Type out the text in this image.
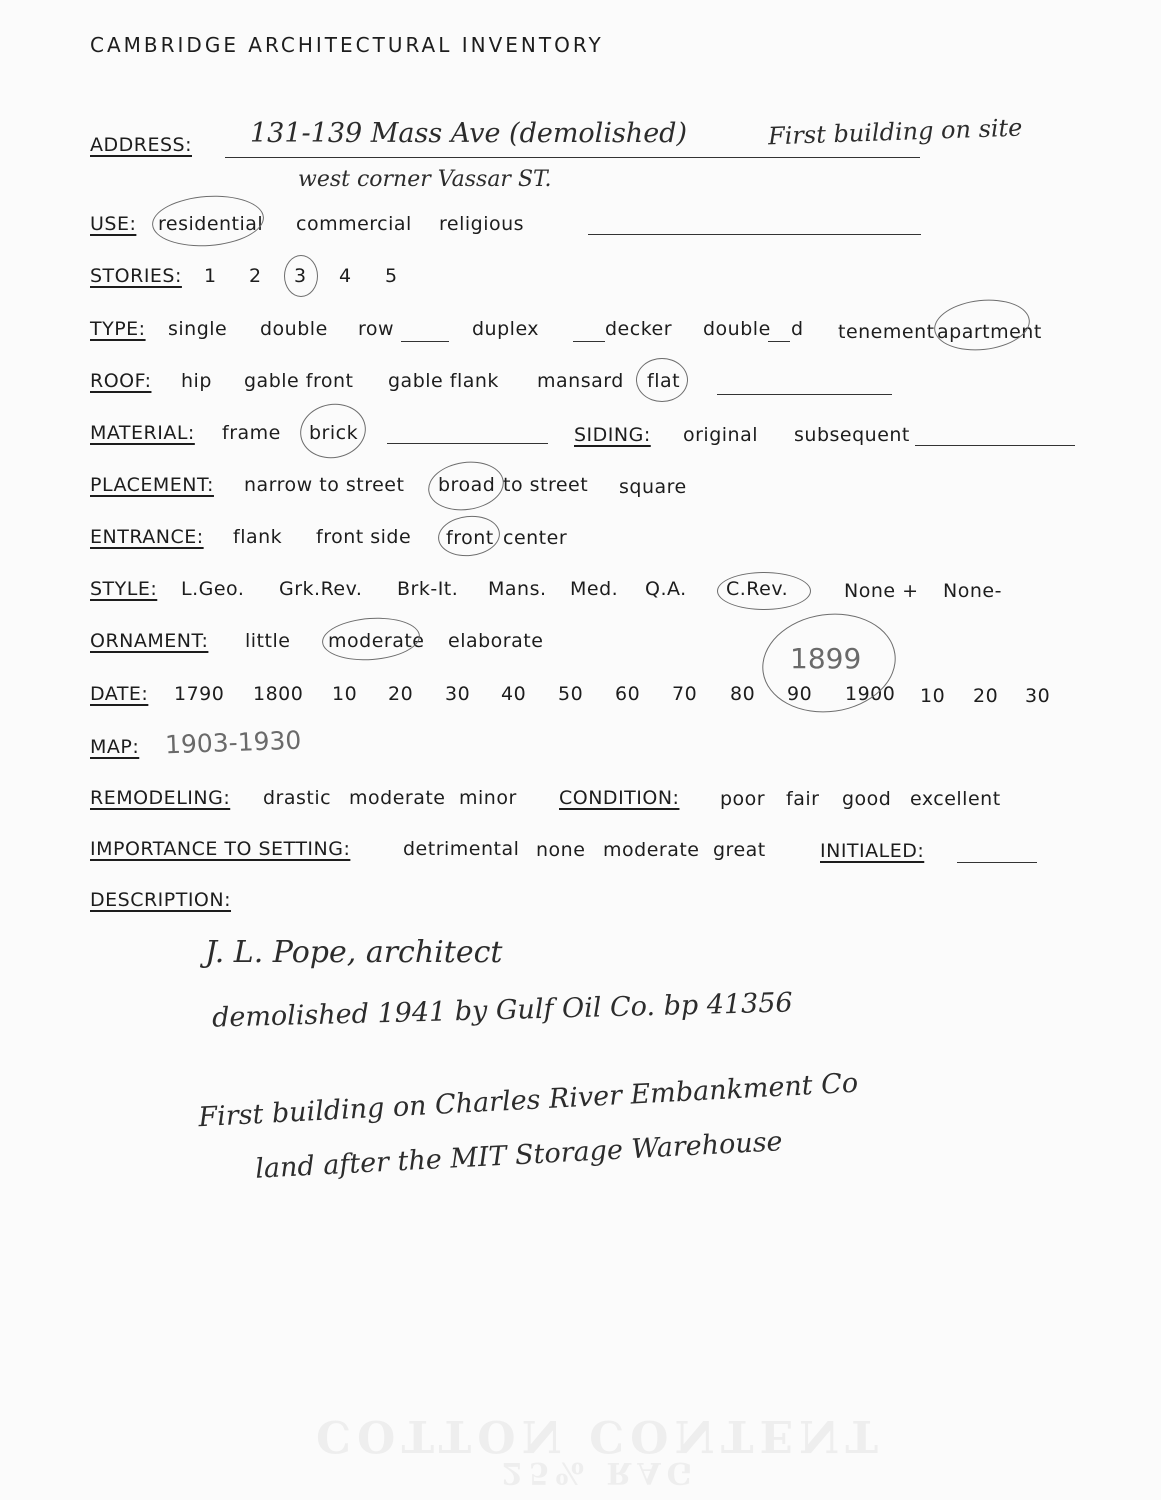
COTTON CONTENT
25% RAG
CAMBRIDGE ARCHITECTURAL INVENTORY
ADDRESS: 131-139 Mass Ave (demolished)	First building on site
west corner Vassar ST.
USE: residential commercial religious
STORIES: 1 2 3 4 5
TYPE: single double row	duplex	decker double d tenement apartment
ROOF: hip gable front gable flank mansard flat
MATERIAL: frame brick	SIDING: original subsequent
PLACEMENT: narrow to street broad to street square
ENTRANCE: flank front side front center
STYLE: L.Geo. Grk.Rev. Brk-It. Mans. Med. Q.A. C.Rev.	None + None-
ORNAMENT: little moderate elaborate
DATE: 1790 1800 10 20 30 40 50 60 70 80 90 1900 10 20 30
1899
MAP: 1903-1930
REMODELING: drastic moderate minor CONDITION: poor fair good excellent
IMPORTANCE TO SETTING:	detrimental none moderate great	INITIALED:
DESCRIPTION:
J. L. Pope, architect
demolished 1941 by Gulf Oil Co. bp 41356
First building on Charles River Embankment Co
land after the MIT Storage Warehouse
